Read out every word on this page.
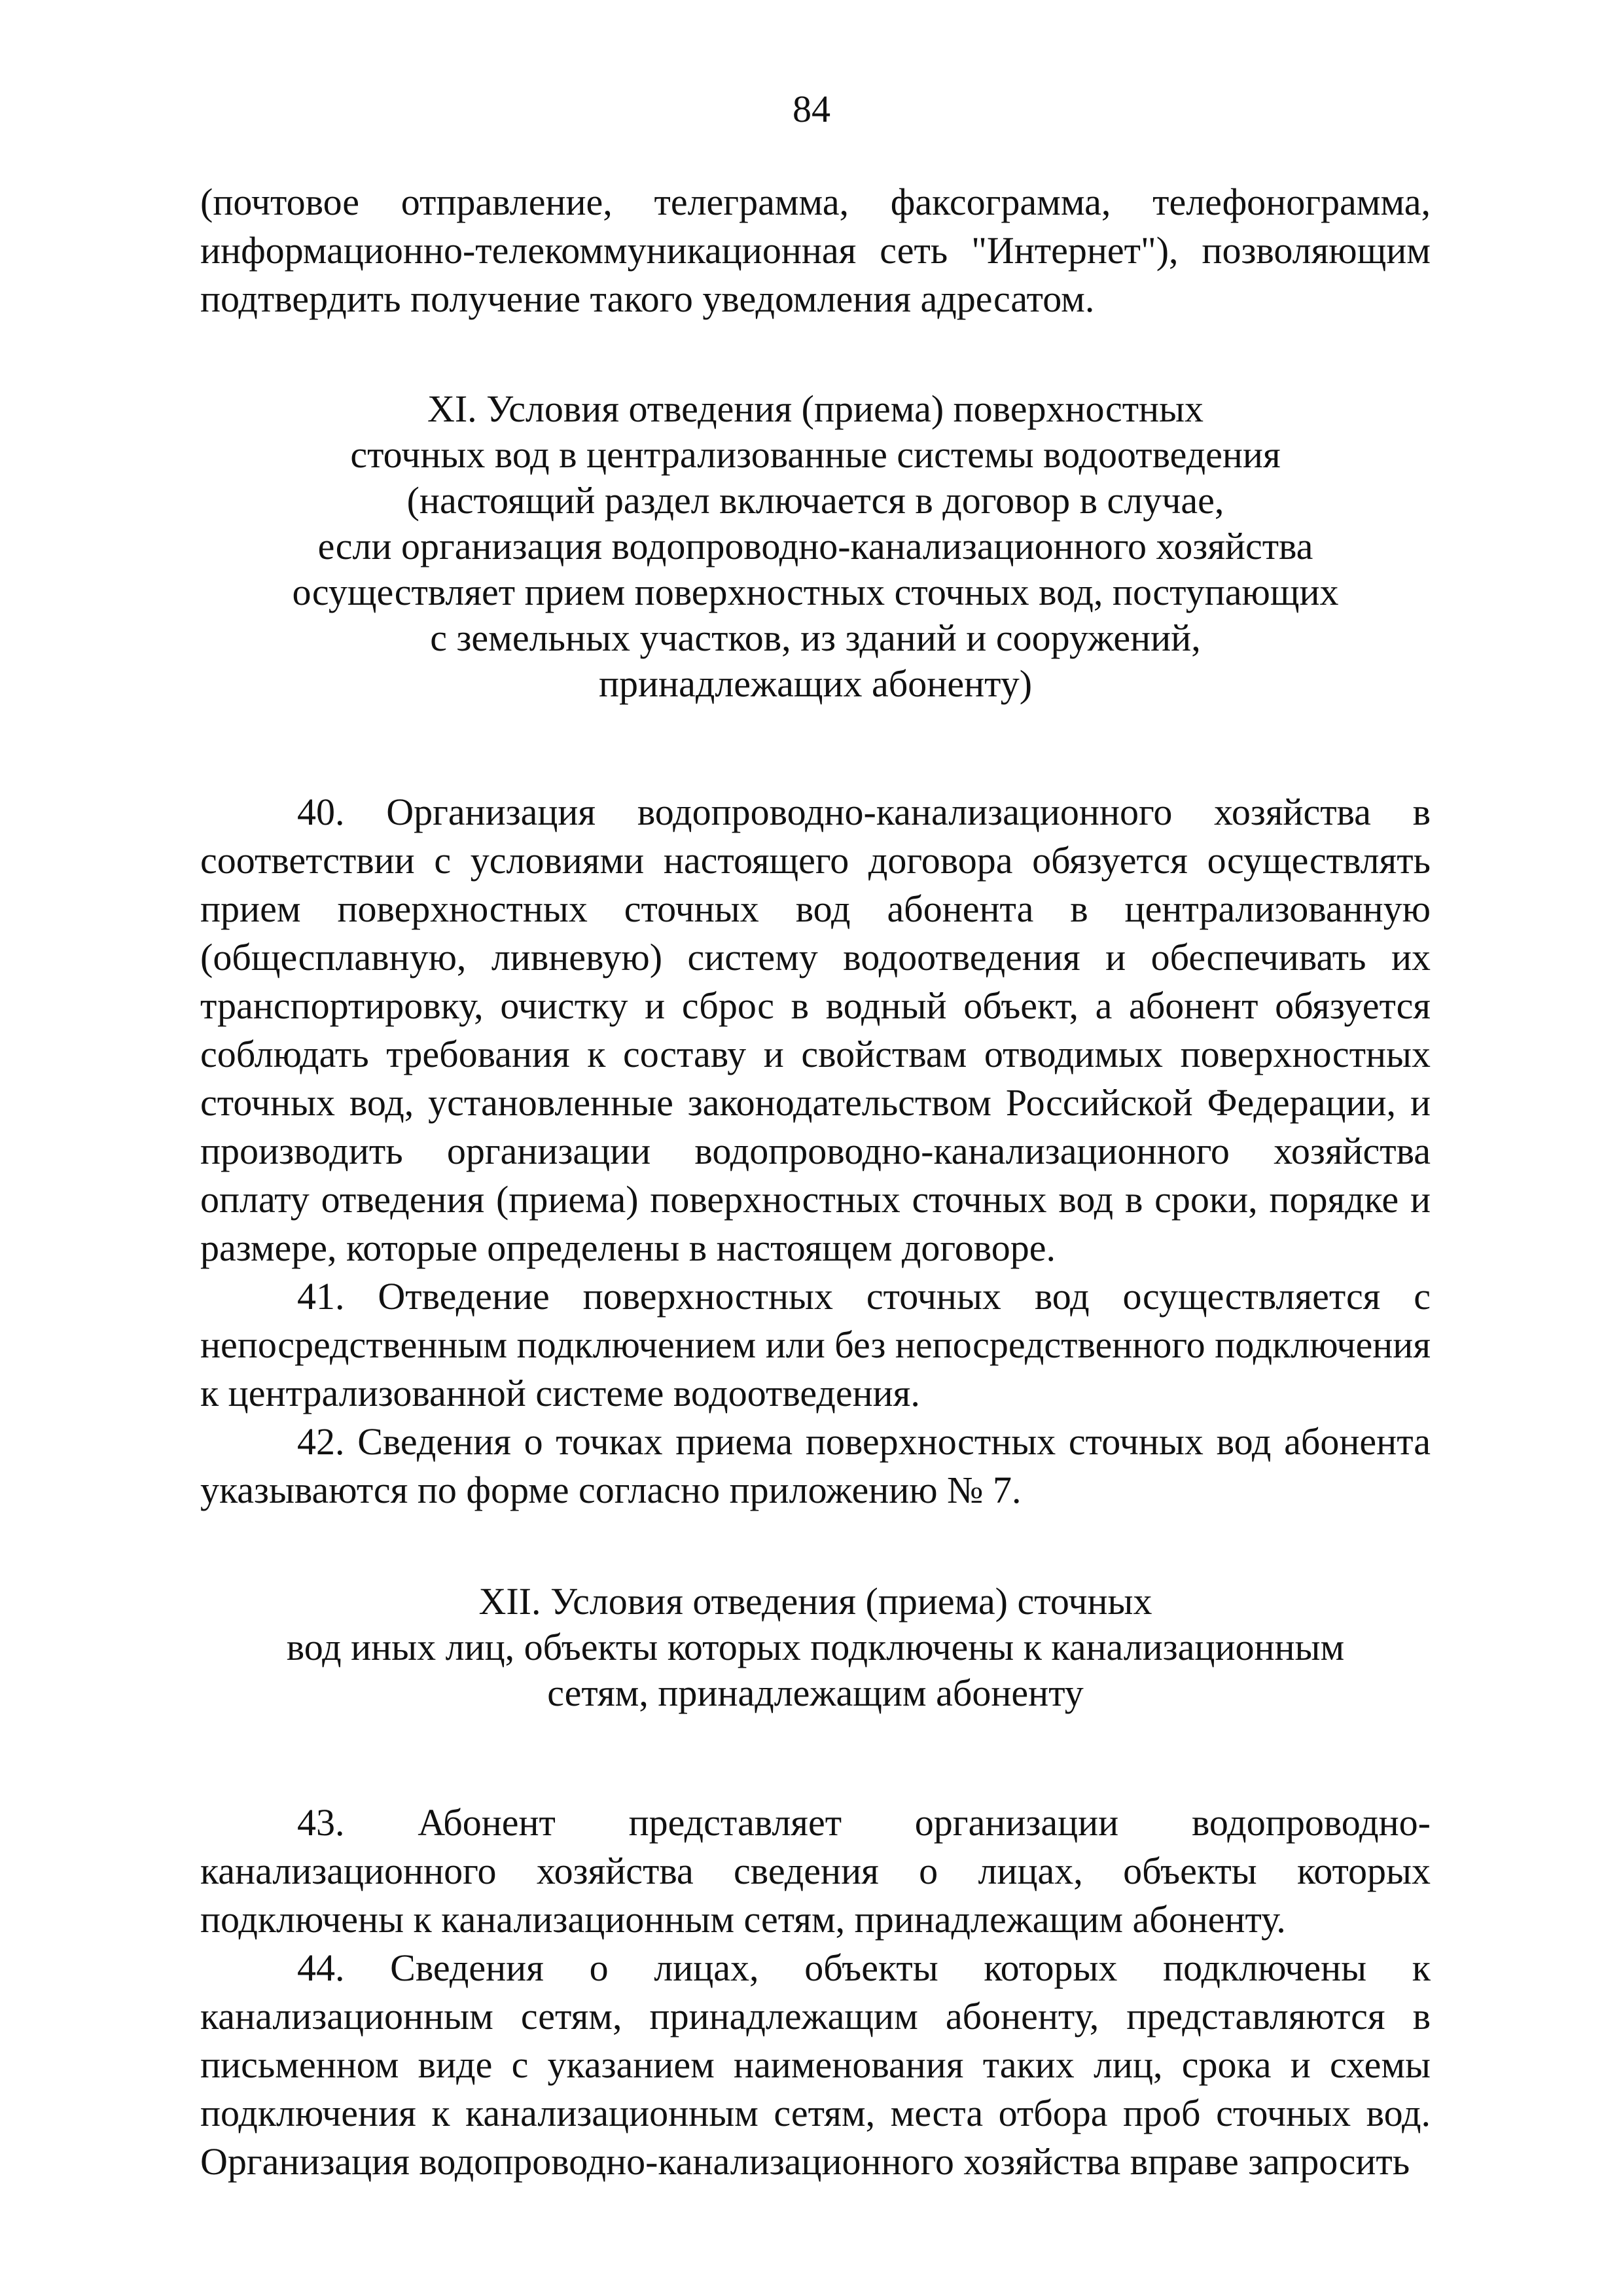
84

(почтовое отправление, телеграмма, факсограмма, телефонограмма, информационно-телекоммуникационная сеть "Интернет"), позволяющим подтвердить получение такого уведомления адресатом.

XI. Условия отведения (приема) поверхностных
сточных вод в централизованные системы водоотведения
(настоящий раздел включается в договор в случае,
если организация водопроводно-канализационного хозяйства
осуществляет прием поверхностных сточных вод, поступающих
с земельных участков, из зданий и сооружений,
принадлежащих абоненту)

40. Организация водопроводно-канализационного хозяйства в соответствии с условиями настоящего договора обязуется осуществлять прием поверхностных сточных вод абонента в централизованную (общесплавную, ливневую) систему водоотведения и обеспечивать их транспортировку, очистку и сброс в водный объект, а абонент обязуется соблюдать требования к составу и свойствам отводимых поверхностных сточных вод, установленные законодательством Российской Федерации, и производить организации водопроводно-канализационного хозяйства оплату отведения (приема) поверхностных сточных вод в сроки, порядке и размере, которые определены в настоящем договоре.

41. Отведение поверхностных сточных вод осуществляется с непосредственным подключением или без непосредственного подключения к централизованной системе водоотведения.

42. Сведения о точках приема поверхностных сточных вод абонента указываются по форме согласно приложению № 7.

XII. Условия отведения (приема) сточных
вод иных лиц, объекты которых подключены к канализационным
сетям, принадлежащим абоненту

43. Абонент представляет организации водопроводно-канализационного хозяйства сведения о лицах, объекты которых подключены к канализационным сетям, принадлежащим абоненту.

44. Сведения о лицах, объекты которых подключены к канализационным сетям, принадлежащим абоненту, представляются в письменном виде с указанием наименования таких лиц, срока и схемы подключения к канализационным сетям, места отбора проб сточных вод. Организация водопроводно-канализационного хозяйства вправе запросить
